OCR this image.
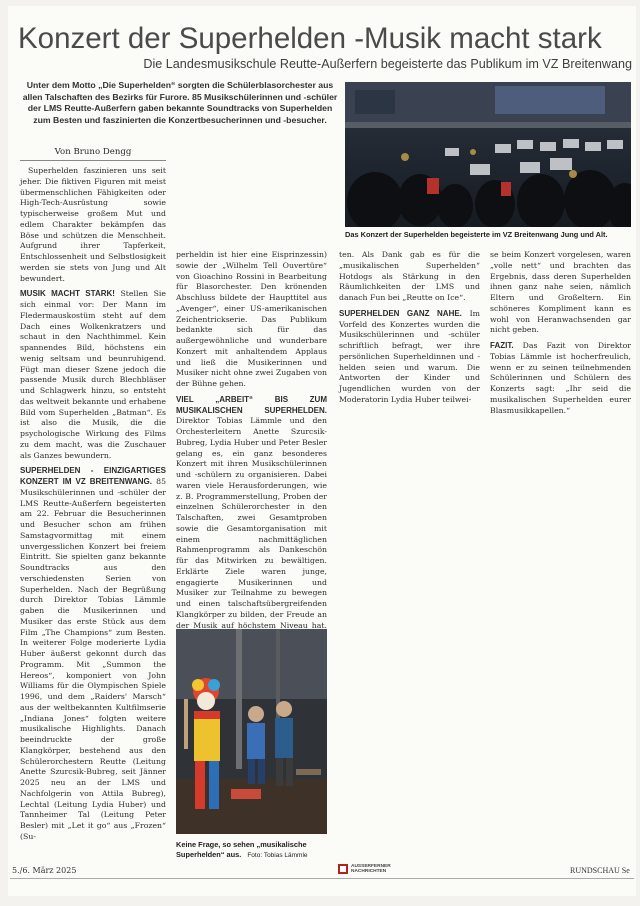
Konzert der Superhelden -Musik macht stark
Die Landesmusikschule Reutte-Außerfern begeisterte das Publikum im VZ Breitenwang
Unter dem Motto „Die Superhelden“ sorgten die Schülerblasorchester aus allen Talschaften des Bezirks für Furore. 85 Musikschülerinnen und -schüler der LMS Reutte-Außerfern gaben bekannte Soundtracks von Superhelden zum Besten und faszinierten die Konzertbesucherinnen und -besucher.
Das Konzert der Superhelden begeisterte im VZ Breitenwang Jung und Alt.
Von Bruno Dengg

Superhelden faszinieren uns seit jeher. Die fiktiven Figuren mit meist übermenschlichen Fähigkeiten oder High-Tech-Ausrüstung sowie typischerweise großem Mut und edlem Charakter bekämpfen das Böse und schützen die Menschheit. Aufgrund ihrer Tapferkeit, Entschlossenheit und Selbstlosigkeit werden sie stets von Jung und Alt bewundert.

MUSIK MACHT STARK! Stellen Sie sich einmal vor: Der Mann im Fledermauskostüm steht auf dem Dach eines Wolkenkratzers und schaut in den Nachthimmel. Kein spannendes Bild, höchstens ein wenig seltsam und beunruhigend. Fügt man dieser Szene jedoch die passende Musik durch Blechbläser und Schlagwerk hinzu, so entsteht das weltweit bekannte und erhabene Bild vom Superhelden „Batman“. Es ist also die Musik, die die psychologische Wirkung des Films zu dem macht, was die Zuschauer als Ganzes bewundern.

SUPERHELDEN - EINZIGARTIGES KONZERT IM VZ BREITENWANG. 85 Musikschülerinnen und -schüler der LMS Reutte-Außerfern begeisterten am 22. Februar die Besucherinnen und Besucher schon am frühen Samstagvormittag mit einem unvergesslichen Konzert bei freiem Eintritt. Sie spielten ganz bekannte Soundtracks aus den verschiedensten Serien von Superhelden. Nach der Begrüßung durch Direktor Tobias Lämmle gaben die Musikerinnen und Musiker das erste Stück aus dem Film „The Champions“ zum Besten. In weiterer Folge moderierte Lydia Huber äußerst gekonnt durch das Programm. Mit „Summon the Hereos“, komponiert von John Williams für die Olympischen Spiele 1996, und dem „Raiders' Marsch“ aus der weltbekannten Kultfilmserie „Indiana Jones“ folgten weitere musikalische Highlights. Danach beeindruckte der große Klangkörper, bestehend aus den Schülerorchestern Reutte (Leitung Anette Szurcsik-Bubreg, seit Jänner 2025 neu an der LMS und Nachfolgerin von Attila Bubreg), Lechtal (Leitung Lydia Huber) und Tannheimer Tal (Leitung Peter Besler) mit „Let it go“ aus „Frozen“ (Su-

perheldin ist hier eine Eisprinzessin) sowie der „Wilhelm Tell Ouvertüre“ von Gioachino Rossini in Bearbeitung für Blasorchester. Den krönenden Abschluss bildete der Haupttitel aus „Avenger“, einer US-amerikanischen Zeichentrickserie. Das Publikum bedankte sich für das außergewöhnliche und wunderbare Konzert mit anhaltendem Applaus und ließ die Musikerinnen und Musiker nicht ohne zwei Zugaben von der Bühne gehen.

VIEL „ARBEIT“ BIS ZUM MUSIKALISCHEN SUPERHELDEN. Direktor Tobias Lämmle und den Orchesterleitern Anette Szurcsik-Bubreg, Lydia Huber und Peter Besler gelang es, ein ganz besonderes Konzert mit ihren Musikschülerinnen und -schülern zu organisieren. Dabei waren viele Herausforderungen, wie z. B. Programmerstellung, Proben der einzelnen Schülerorchester in den Talschaften, zwei Gesamtproben sowie die Gesamtorganisation mit einem nachmittäglichen Rahmenprogramm als Dankeschön für das Mitwirken zu bewältigen. Erklärte Ziele waren junge, engagierte Musikerinnen und Musiker zur Teilnahme zu bewegen und einen talschaftsübergreifenden Klangkörper zu bilden, der Freude an der Musik auf höchstem Niveau hat.

ten. Als Dank gab es für die „musikalischen Superhelden“ Hotdogs als Stärkung in den Räumlichkeiten der LMS und danach Fun bei „Reutte on Ice“.

SUPERHELDEN GANZ NAHE. Im Vorfeld des Konzertes wurden die Musikschülerinnen und -schüler schriftlich befragt, wer ihre persönlichen Superheldinnen und -helden seien und warum. Die Antworten der Kinder und Jugendlichen wurden von der Moderatorin Lydia Huber teilwei-

se beim Konzert vorgelesen, waren „volle nett“ und brachten das Ergebnis, dass deren Superhelden ihnen ganz nahe seien, nämlich Eltern und Großeltern. Ein schöneres Kompliment kann es wohl von Heranwachsenden gar nicht geben.

FAZIT. Das Fazit von Direktor Tobias Lämmle ist hocherfreulich, wenn er zu seinen teilnehmenden Schülerinnen und Schülern des Konzerts sagt: „Ihr seid die musikalischen Superhelden eurer Blasmusikkapellen.“

Keine Frage, so sehen „musikalische Superhelden“ aus. Foto: Tobias Lämmle
5./6. März 2025	AUSSERFERNER NACHRICHTEN	RUNDSCHAU Se
